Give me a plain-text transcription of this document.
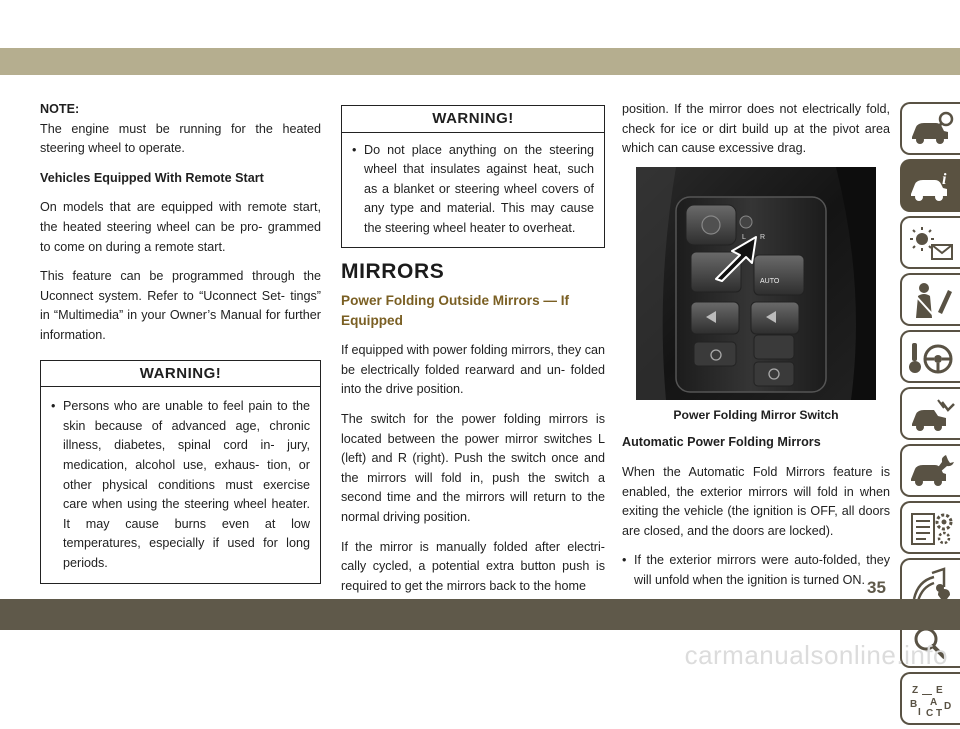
NOTE:

The engine must be running for the heated steering wheel to operate.

Vehicles Equipped With Remote Start

On models that are equipped with remote start, the heated steering wheel can be pro- grammed to come on during a remote start.

This feature can be programmed through the Uconnect system. Refer to “Uconnect Set- tings” in “Multimedia” in your Owner’s Manual for further information.

WARNING!
• Persons who are unable to feel pain to the skin because of advanced age, chronic illness, diabetes, spinal cord in- jury, medication, alcohol use, exhaus- tion, or other physical conditions must exercise care when using the steering wheel heater. It may cause burns even at low temperatures, especially if used for long periods.
WARNING!
• Do not place anything on the steering wheel that insulates against heat, such as a blanket or steering wheel covers of any type and material. This may cause the steering wheel heater to overheat.
MIRRORS
Power Folding Outside Mirrors — If Equipped

If equipped with power folding mirrors, they can be electrically folded rearward and un- folded into the drive position.

The switch for the power folding mirrors is located between the power mirror switches L (left) and R (right). Push the switch once and the mirrors will fold in, push the switch a second time and the mirrors will return to the normal driving position.

If the mirror is manually folded after electri- cally cycled, a potential extra button push is required to get the mirrors back to the home

position. If the mirror does not electrically fold, check for ice or dirt build up at the pivot area which can cause excessive drag.

L R
AUTO
Power Folding Mirror Switch

Automatic Power Folding Mirrors

When the Automatic Fold Mirrors feature is enabled, the exterior mirrors will fold in when exiting the vehicle (the ignition is OFF, all doors are closed, and the doors are locked).

• If the exterior mirrors were auto-folded, they will unfold when the ignition is turned ON.

i
Z E
—
B A
I C T
D
35
carmanualsonline.info
